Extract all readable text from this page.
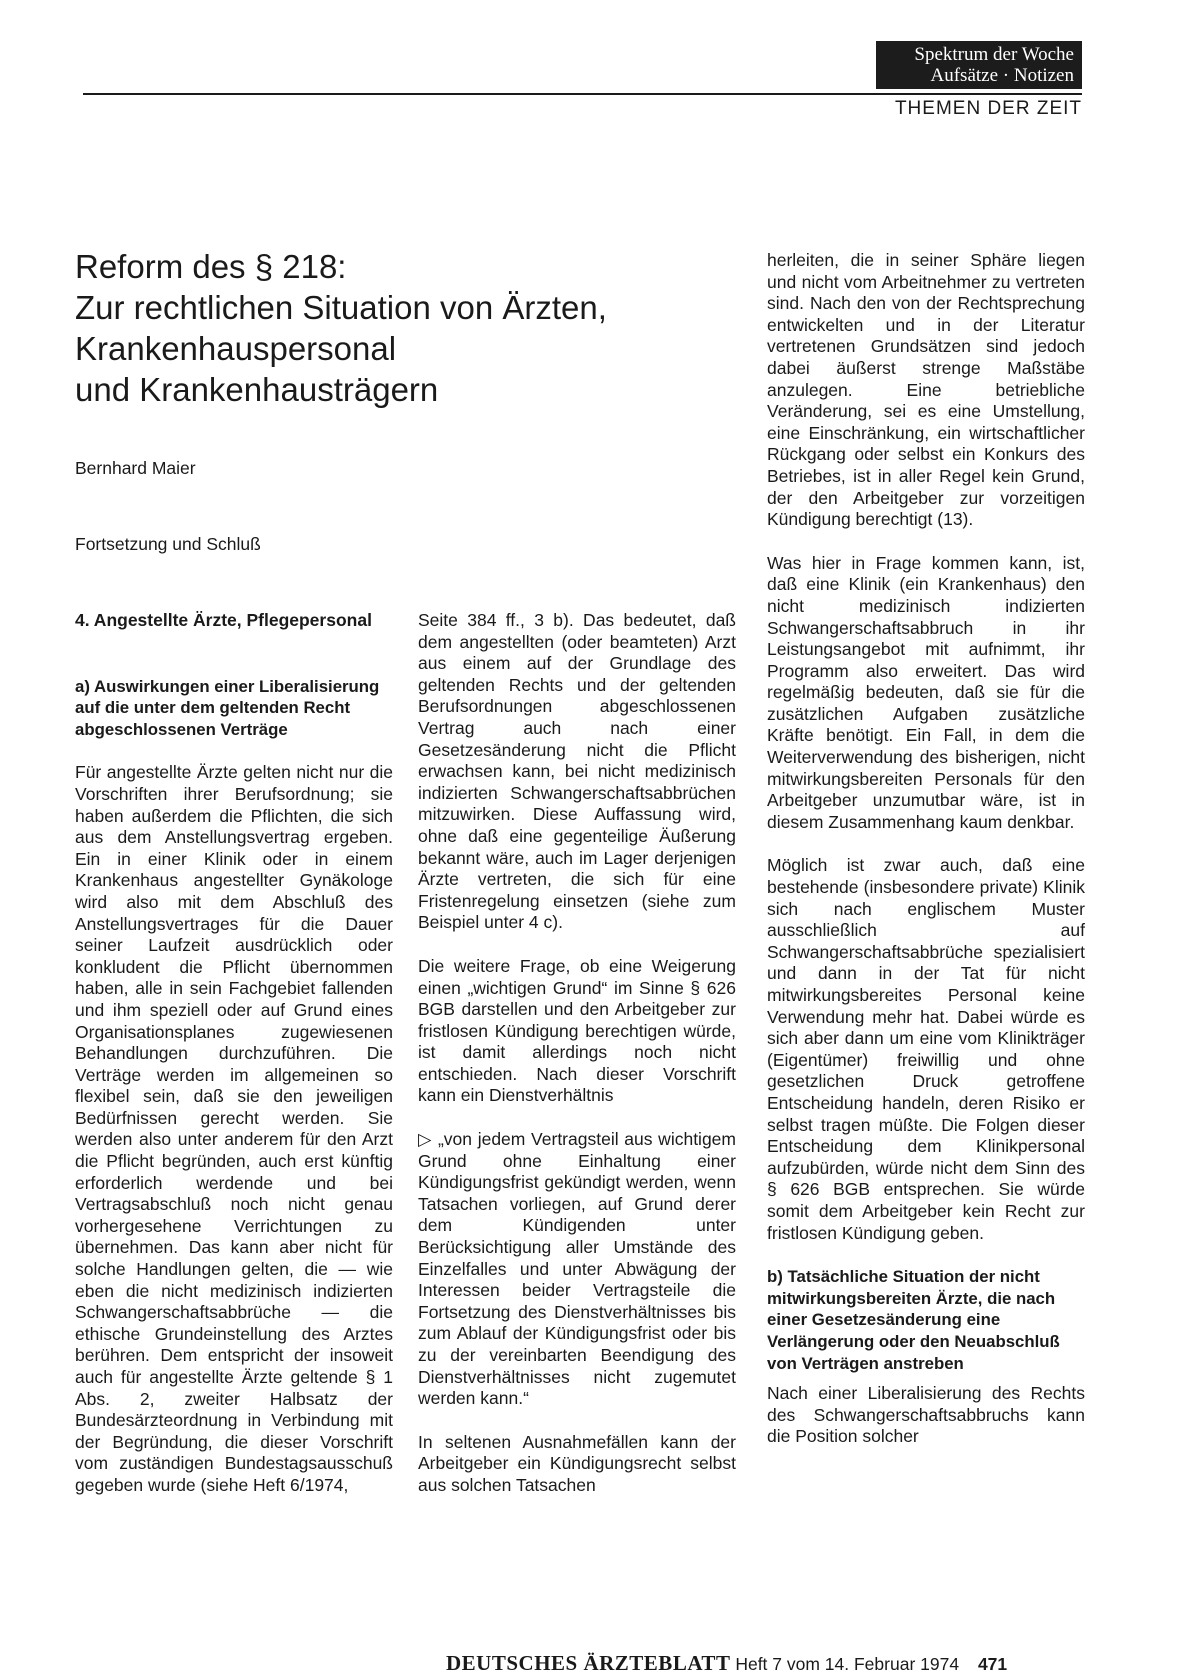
Spektrum der Woche
Aufsätze · Notizen
THEMEN DER ZEIT
Reform des § 218:
Zur rechtlichen Situation von Ärzten,
Krankenhauspersonal
und Krankenhausträgern
Bernhard Maier
Fortsetzung und Schluß
4. Angestellte Ärzte, Pflegepersonal
a) Auswirkungen einer Liberalisierung auf die unter dem geltenden Recht abgeschlossenen Verträge

Für angestellte Ärzte gelten nicht nur die Vorschriften ihrer Berufsordnung; sie haben außerdem die Pflichten, die sich aus dem Anstellungsvertrag ergeben. Ein in einer Klinik oder in einem Krankenhaus angestellter Gynäkologe wird also mit dem Abschluß des Anstellungsvertrages für die Dauer seiner Laufzeit ausdrücklich oder konkludent die Pflicht übernommen haben, alle in sein Fachgebiet fallenden und ihm speziell oder auf Grund eines Organisationsplanes zugewiesenen Behandlungen durchzuführen. Die Verträge werden im allgemeinen so flexibel sein, daß sie den jeweiligen Bedürfnissen gerecht werden. Sie werden also unter anderem für den Arzt die Pflicht begründen, auch erst künftig erforderlich werdende und bei Vertragsabschluß noch nicht genau vorhergesehene Verrichtungen zu übernehmen. Das kann aber nicht für solche Handlungen gelten, die — wie eben die nicht medizinisch indizierten Schwangerschaftsabbrüche — die ethische Grundeinstellung des Arztes berühren. Dem entspricht der insoweit auch für angestellte Ärzte geltende § 1 Abs. 2, zweiter Halbsatz der Bundesärzteordnung in Verbindung mit der Begründung, die dieser Vorschrift vom zuständigen Bundestagsausschuß gegeben wurde (siehe Heft 6/1974,

Seite 384 ff., 3 b). Das bedeutet, daß dem angestellten (oder beamteten) Arzt aus einem auf der Grundlage des geltenden Rechts und der geltenden Berufsordnungen abgeschlossenen Vertrag auch nach einer Gesetzesänderung nicht die Pflicht erwachsen kann, bei nicht medizinisch indizierten Schwangerschaftsabbrüchen mitzuwirken. Diese Auffassung wird, ohne daß eine gegenteilige Äußerung bekannt wäre, auch im Lager derjenigen Ärzte vertreten, die sich für eine Fristenregelung einsetzen (siehe zum Beispiel unter 4 c).

Die weitere Frage, ob eine Weigerung einen „wichtigen Grund“ im Sinne § 626 BGB darstellen und den Arbeitgeber zur fristlosen Kündigung berechtigen würde, ist damit allerdings noch nicht entschieden. Nach dieser Vorschrift kann ein Dienstverhältnis

▷ „von jedem Vertragsteil aus wichtigem Grund ohne Einhaltung einer Kündigungsfrist gekündigt werden, wenn Tatsachen vorliegen, auf Grund derer dem Kündigenden unter Berücksichtigung aller Umstände des Einzelfalles und unter Abwägung der Interessen beider Vertragsteile die Fortsetzung des Dienstverhältnisses bis zum Ablauf der Kündigungsfrist oder bis zu der vereinbarten Beendigung des Dienstverhältnisses nicht zugemutet werden kann.“

In seltenen Ausnahmefällen kann der Arbeitgeber ein Kündigungsrecht selbst aus solchen Tatsachen

herleiten, die in seiner Sphäre liegen und nicht vom Arbeitnehmer zu vertreten sind. Nach den von der Rechtsprechung entwickelten und in der Literatur vertretenen Grundsätzen sind jedoch dabei äußerst strenge Maßstäbe anzulegen. Eine betriebliche Veränderung, sei es eine Umstellung, eine Einschränkung, ein wirtschaftlicher Rückgang oder selbst ein Konkurs des Betriebes, ist in aller Regel kein Grund, der den Arbeitgeber zur vorzeitigen Kündigung berechtigt (13).

Was hier in Frage kommen kann, ist, daß eine Klinik (ein Krankenhaus) den nicht medizinisch indizierten Schwangerschaftsabbruch in ihr Leistungsangebot mit aufnimmt, ihr Programm also erweitert. Das wird regelmäßig bedeuten, daß sie für die zusätzlichen Aufgaben zusätzliche Kräfte benötigt. Ein Fall, in dem die Weiterverwendung des bisherigen, nicht mitwirkungsbereiten Personals für den Arbeitgeber unzumutbar wäre, ist in diesem Zusammenhang kaum denkbar.

Möglich ist zwar auch, daß eine bestehende (insbesondere private) Klinik sich nach englischem Muster ausschließlich auf Schwangerschaftsabbrüche spezialisiert und dann in der Tat für nicht mitwirkungsbereites Personal keine Verwendung mehr hat. Dabei würde es sich aber dann um eine vom Klinikträger (Eigentümer) freiwillig und ohne gesetzlichen Druck getroffene Entscheidung handeln, deren Risiko er selbst tragen müßte. Die Folgen dieser Entscheidung dem Klinikpersonal aufzubürden, würde nicht dem Sinn des § 626 BGB entsprechen. Sie würde somit dem Arbeitgeber kein Recht zur fristlosen Kündigung geben.

b) Tatsächliche Situation der nicht mitwirkungsbereiten Ärzte, die nach einer Gesetzesänderung eine Verlängerung oder den Neuabschluß von Verträgen anstreben

Nach einer Liberalisierung des Rechts des Schwangerschaftsabbruchs kann die Position solcher

DEUTSCHES ÄRZTEBLATT Heft 7 vom 14. Februar 1974 471
